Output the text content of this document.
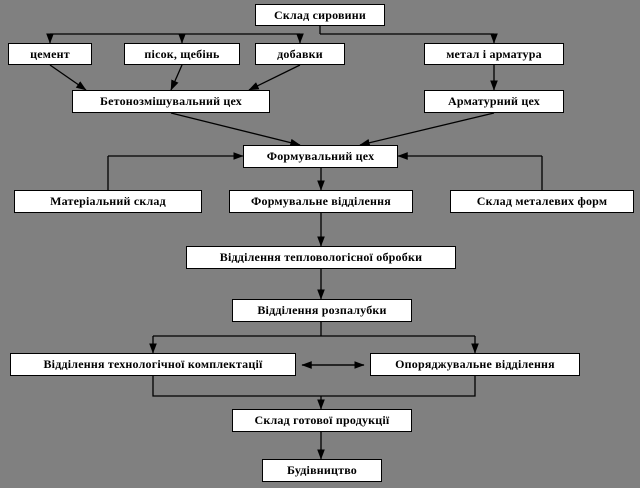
Склад сировини
цемент	пісок, щебінь	добавки	метал і арматура
Бетонозмішувальний цех	Арматурний цех
Формувальний цех
Матеріальний склад	Формувальне відділення	Склад металевих форм
Відділення тепловологісної обробки
Відділення розпалубки
Відділення технологічної комплектації	Опоряджувальне відділення
Склад готової продукції
Будівництво
